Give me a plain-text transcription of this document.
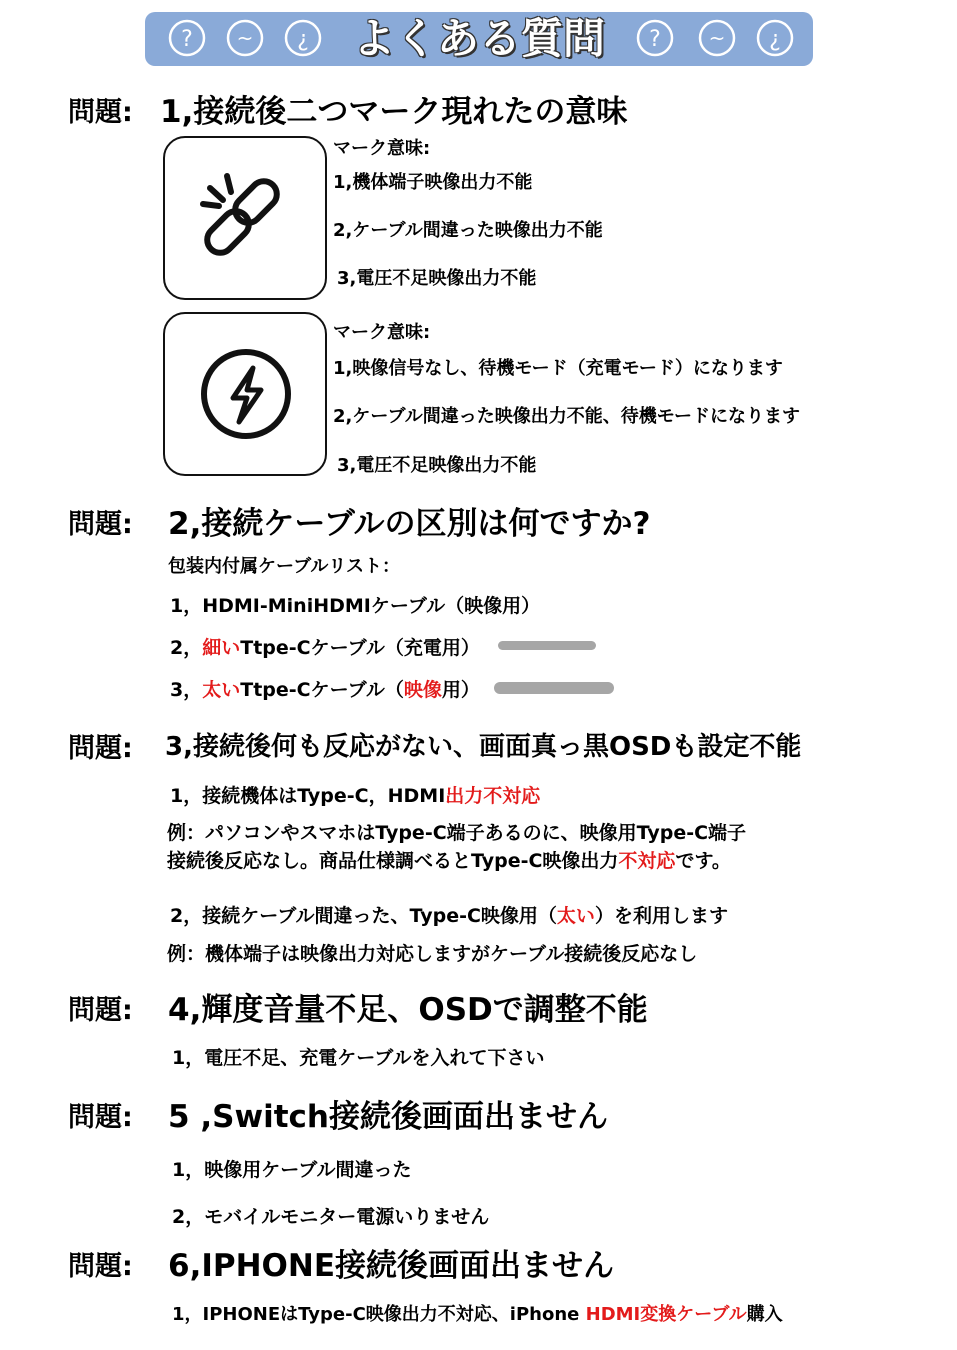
? ~ ¿ よくある質問	? ~ ¿
問題: 1,接続後二つマーク現れたの意味
マーク意味:
1,機体端子映像出力不能
2,ケーブル間違った映像出力不能
3,電圧不足映像出力不能
マーク意味:
1,映像信号なし、待機モード（充電モード）になります
2,ケーブル間違った映像出力不能、待機モードになります
3,電圧不足映像出力不能
問題: 2,接続ケーブルの区別は何ですか?
包装内付属ケーブルリスト：
1，HDMI-MiniHDMIケーブル（映像用）
2，細いTtpe-Cケーブル（充電用）
3，太いTtpe-Cケーブル（映像用）
問題: 3,接続後何も反応がない、画面真っ黒OSDも設定不能
1，接続機体はType-C，HDMI出力不対応
例：パソコンやスマホはType-C端子あるのに、映像用Type-C端子
接続後反応なし。商品仕様調べるとType-C映像出力不対応です。
2，接続ケーブル間違った、Type-C映像用（太い）を利用します
例：機体端子は映像出力対応しますがケーブル接続後反応なし
問題: 4,輝度音量不足、OSDで調整不能
1，電圧不足、充電ケーブルを入れて下さい
問題: 5 ,Switch接続後画面出ません
1，映像用ケーブル間違った
2，モバイルモニター電源いりません
問題: 6,IPHONE接続後画面出ません
1，IPHONEはType-C映像出力不対応、iPhone HDMI変換ケーブル購入
